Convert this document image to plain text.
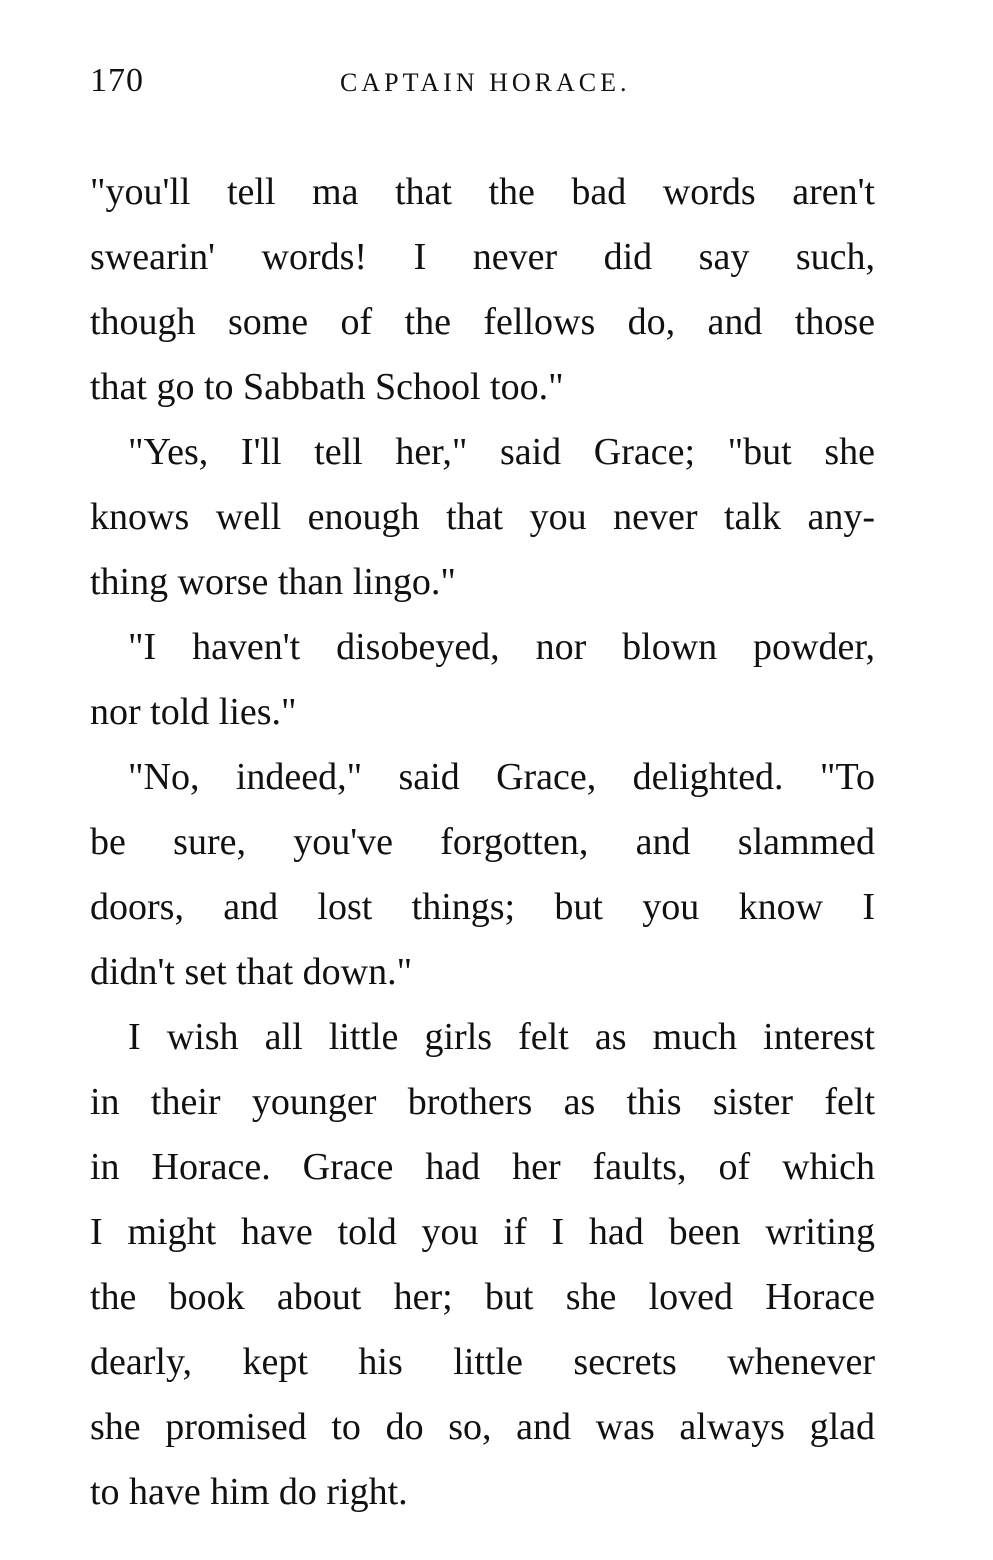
170	CAPTAIN HORACE.
"you'll tell ma that the bad words aren't
swearin' words! I never did say such,
though some of the fellows do, and those
that go to Sabbath School too."
"Yes, I'll tell her," said Grace; "but she
knows well enough that you never talk any-
thing worse than lingo."
"I haven't disobeyed, nor blown powder,
nor told lies."
"No, indeed," said Grace, delighted. "To
be sure, you've forgotten, and slammed
doors, and lost things; but you know I
didn't set that down."
I wish all little girls felt as much interest
in their younger brothers as this sister felt
in Horace. Grace had her faults, of which
I might have told you if I had been writing
the book about her; but she loved Horace
dearly, kept his little secrets whenever
she promised to do so, and was always glad
to have him do right.
